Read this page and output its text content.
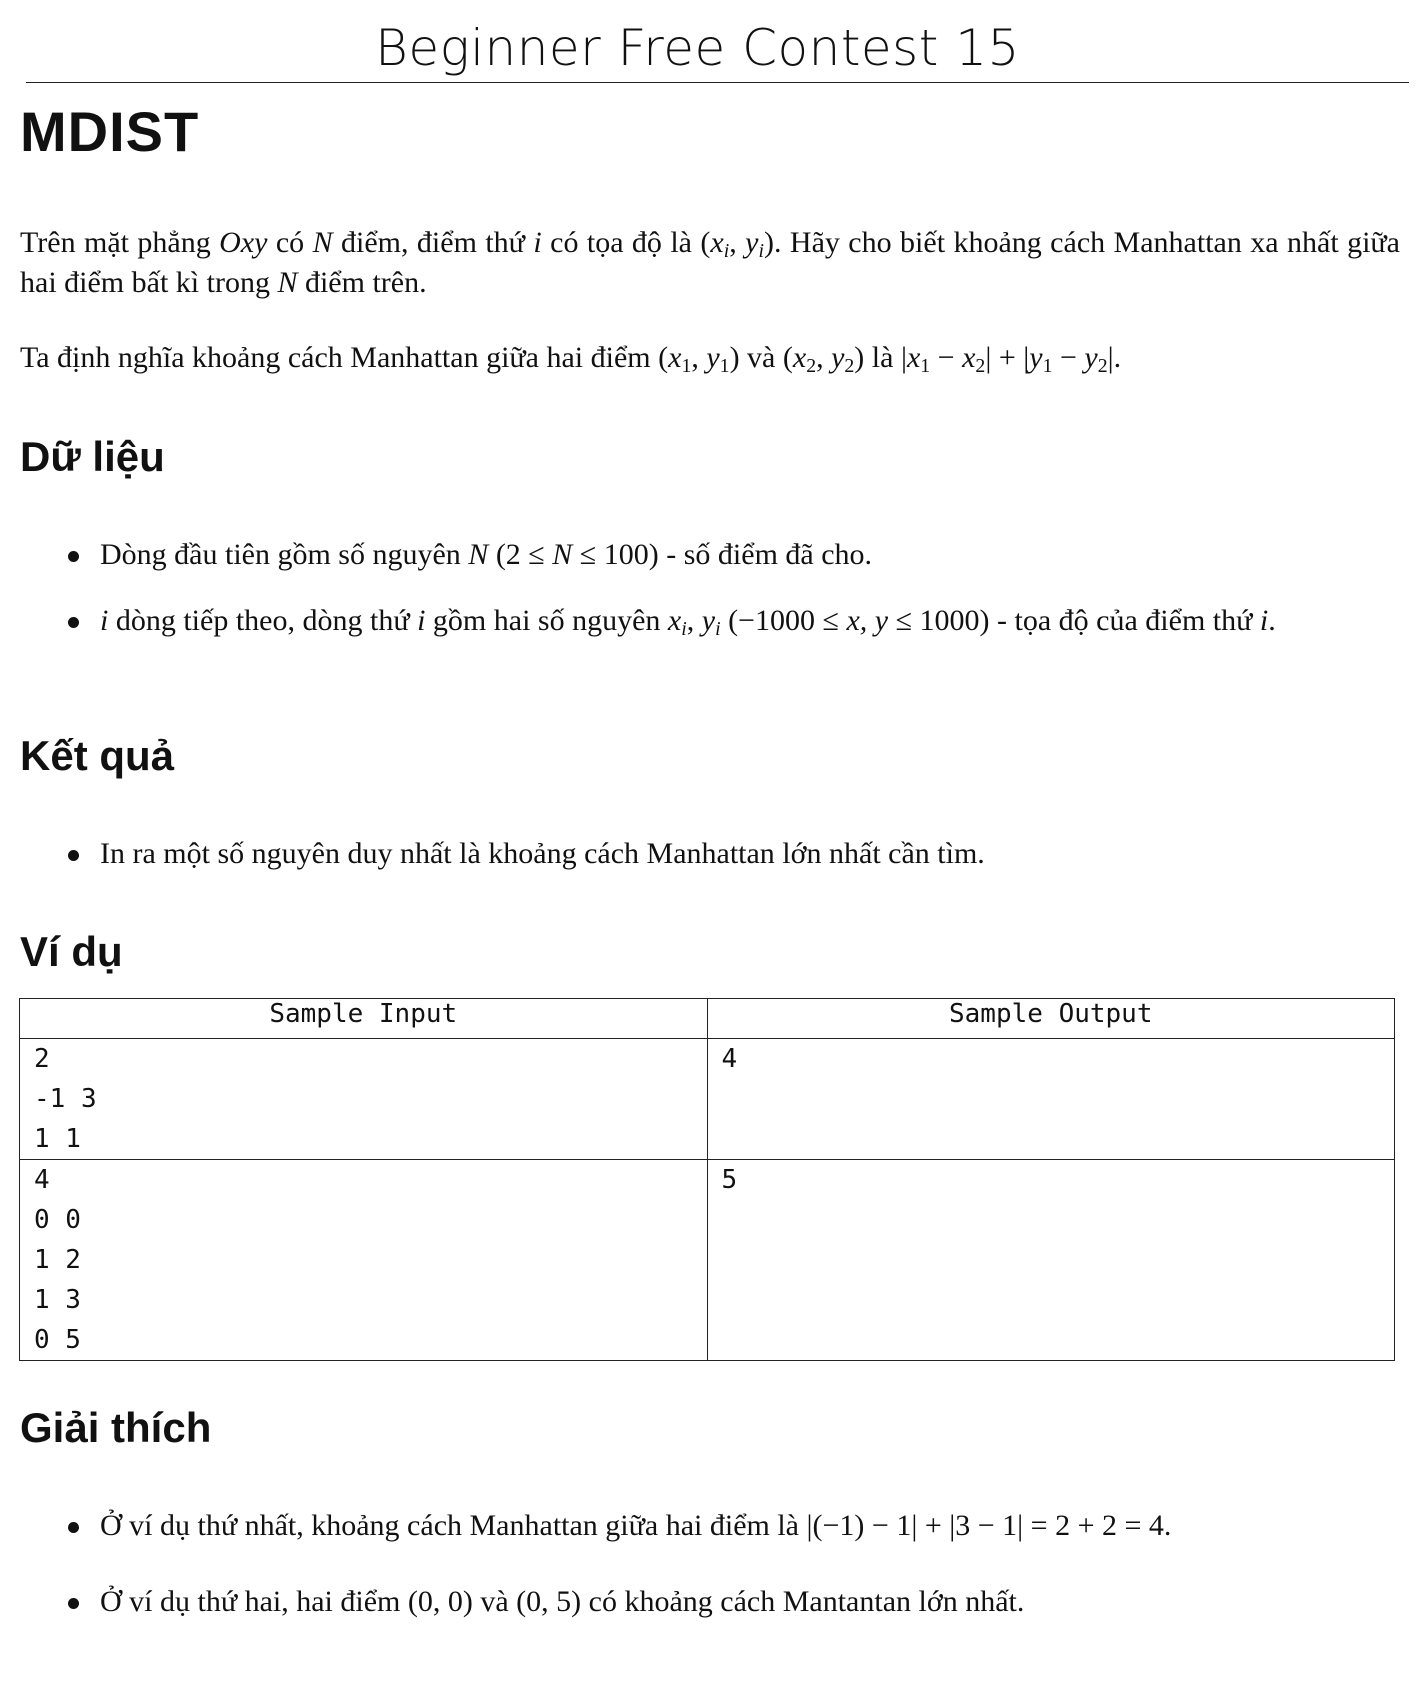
Beginner Free Contest 15
MDIST

Trên mặt phẳng Oxy có N điểm, điểm thứ i có tọa độ là ($x_i$, $y_i$). Hãy cho biết khoảng cách Manhattan xa nhất giữa hai điểm bất kì trong N điểm trên.

Ta định nghĩa khoảng cách Manhattan giữa hai điểm ($x_1$, $y_1$) và ($x_2$, $y_2$) là $|x_1 - x_2| + |y_1 - y_2|$.

Dữ liệu
Dòng đầu tiên gồm số nguyên N (2 ≤ N ≤ 100) - số điểm đã cho.
i dòng tiếp theo, dòng thứ i gồm hai số nguyên $x_i$, $y_i$ (−1000 ≤ x, y ≤ 1000) - tọa độ của điểm thứ i.
Kết quả
In ra một số nguyên duy nhất là khoảng cách Manhattan lớn nhất cần tìm.
Ví dụ
Sample Input	Sample Output

2
-1 3
1 1	4

4
0 0
1 2
1 3
0 5	5
Giải thích
Ở ví dụ thứ nhất, khoảng cách Manhattan giữa hai điểm là |(−1) − 1| + |3 − 1| = 2 + 2 = 4.
Ở ví dụ thứ hai, hai điểm (0, 0) và (0, 5) có khoảng cách Mantantan lớn nhất.
